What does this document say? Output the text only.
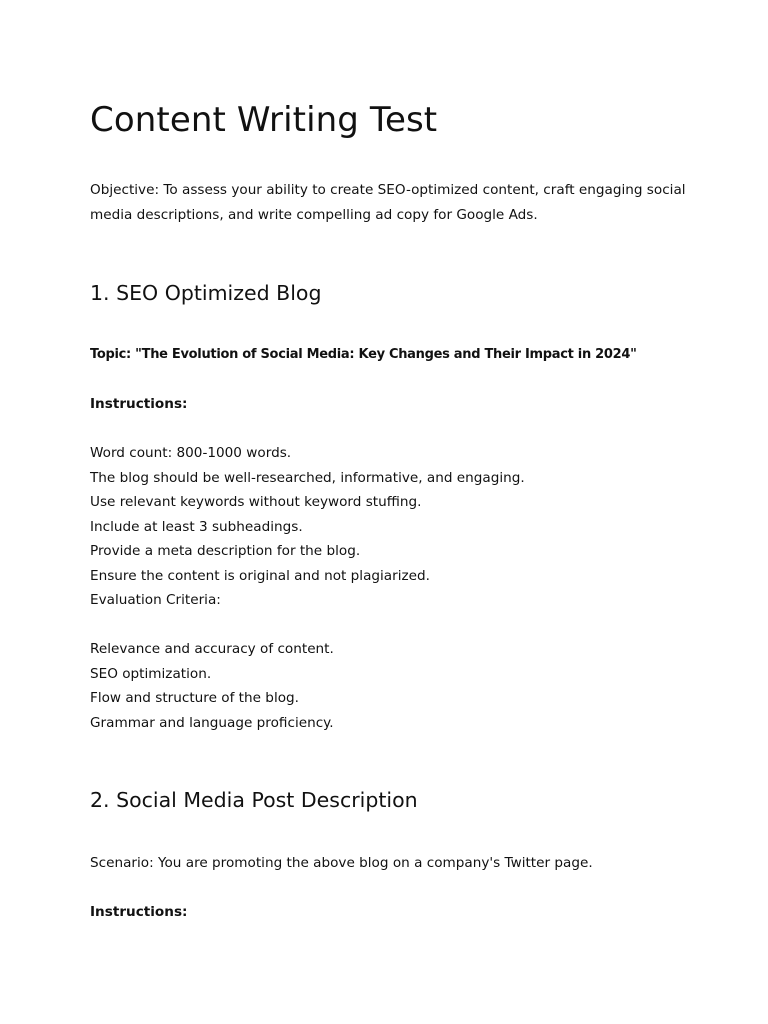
Content Writing Test

Objective: To assess your ability to create SEO-optimized content, craft engaging social media descriptions, and write compelling ad copy for Google Ads.

1. SEO Optimized Blog

Topic: "The Evolution of Social Media: Key Changes and Their Impact in 2024"

Instructions:

Word count: 800-1000 words.
The blog should be well-researched, informative, and engaging.
Use relevant keywords without keyword stuffing.
Include at least 3 subheadings.
Provide a meta description for the blog.
Ensure the content is original and not plagiarized.

Evaluation Criteria:

Relevance and accuracy of content.
SEO optimization.
Flow and structure of the blog.
Grammar and language proficiency.
2. Social Media Post Description

Scenario: You are promoting the above blog on a company's Twitter page.

Instructions:
